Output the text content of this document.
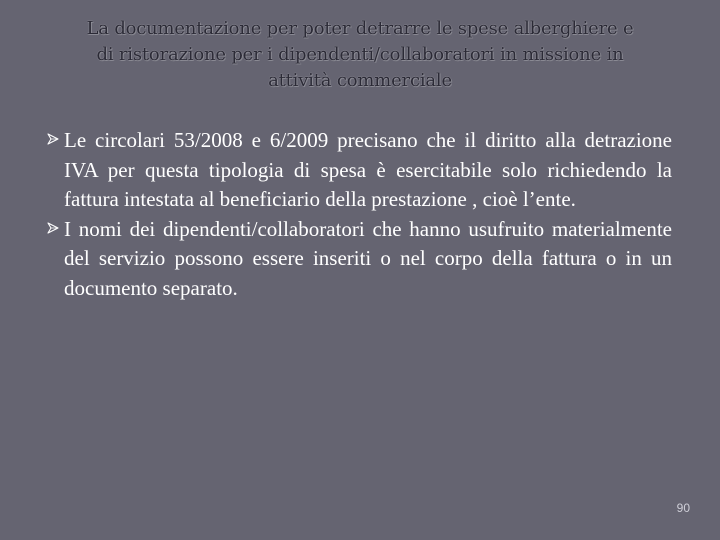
La documentazione per poter detrarre le spese alberghiere e
di ristorazione per i dipendenti/collaboratori in missione in
attività commerciale
Le circolari 53/2008 e 6/2009 precisano che il diritto alla detrazione IVA per questa tipologia di spesa è esercitabile solo richiedendo la fattura intestata al beneficiario della prestazione , cioè l’ente.
I nomi dei dipendenti/collaboratori che hanno usufruito materialmente del servizio possono essere inseriti o nel corpo della fattura o in un documento separato.
90
